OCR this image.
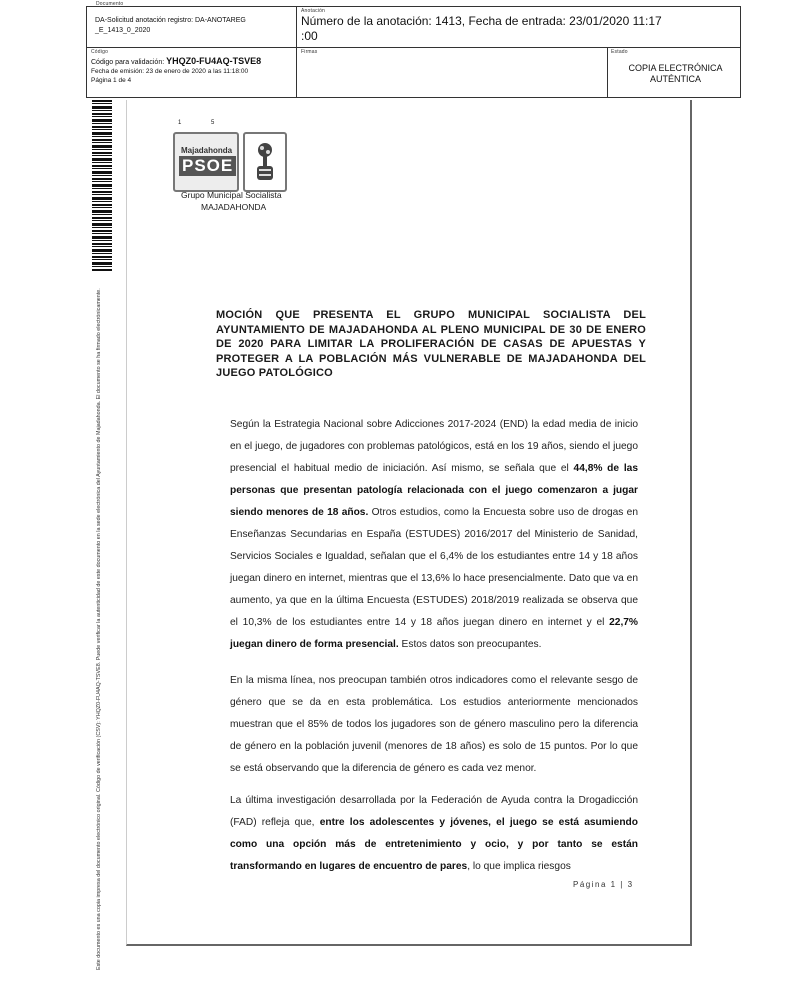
Documento
DA-Solicitud anotación registro: DA-ANOTAREG
_E_1413_0_2020
Anotación
Número de la anotación: 1413, Fecha de entrada: 23/01/2020 11:17
:00
Código
Código para validación: YHQZ0-FU4AQ-TSVE8
Fecha de emisión: 23 de enero de 2020 a las 11:18:00
Página 1 de 4
Firmas	Estado
COPIA ELECTRÓNICA AUTÉNTICA
Este documento es una copia impresa del documento electrónico original. Código de verificación (CSV): YHQZ0-FU4AQ-TSVE8. Puede verificar la autenticidad de este documento en la sede electrónica del Ayuntamiento de Majadahonda. El documento se ha firmado electrónicamente.
1	5
Majadahonda
PSOE
Grupo Municipal Socialista
MAJADAHONDA
MOCIÓN QUE PRESENTA EL GRUPO MUNICIPAL SOCIALISTA DEL AYUNTAMIENTO DE MAJADAHONDA AL PLENO MUNICIPAL DE 30 DE ENERO DE 2020 PARA LIMITAR LA PROLIFERACIÓN DE CASAS DE APUESTAS Y PROTEGER A LA POBLACIÓN MÁS VULNERABLE DE MAJADAHONDA DEL JUEGO PATOLÓGICO
Según la Estrategia Nacional sobre Adicciones 2017-2024 (END) la edad media de inicio en el juego, de jugadores con problemas patológicos, está en los 19 años, siendo el juego presencial el habitual medio de iniciación. Así mismo, se señala que el 44,8% de las personas que presentan patología relacionada con el juego comenzaron a jugar siendo menores de 18 años. Otros estudios, como la Encuesta sobre uso de drogas en Enseñanzas Secundarias en España (ESTUDES) 2016/2017 del Ministerio de Sanidad, Servicios Sociales e Igualdad, señalan que el 6,4% de los estudiantes entre 14 y 18 años juegan dinero en internet, mientras que el 13,6% lo hace presencialmente. Dato que va en aumento, ya que en la última Encuesta (ESTUDES) 2018/2019 realizada se observa que el 10,3% de los estudiantes entre 14 y 18 años juegan dinero en internet y el 22,7% juegan dinero de forma presencial. Estos datos son preocupantes.
En la misma línea, nos preocupan también otros indicadores como el relevante sesgo de género que se da en esta problemática. Los estudios anteriormente mencionados muestran que el 85% de todos los jugadores son de género masculino pero la diferencia de género en la población juvenil (menores de 18 años) es solo de 15 puntos. Por lo que se está observando que la diferencia de género es cada vez menor.
La última investigación desarrollada por la Federación de Ayuda contra la Drogadicción (FAD) refleja que, entre los adolescentes y jóvenes, el juego se está asumiendo como una opción más de entretenimiento y ocio, y por tanto se están transformando en lugares de encuentro de pares, lo que implica riesgos
Página 1 | 3
